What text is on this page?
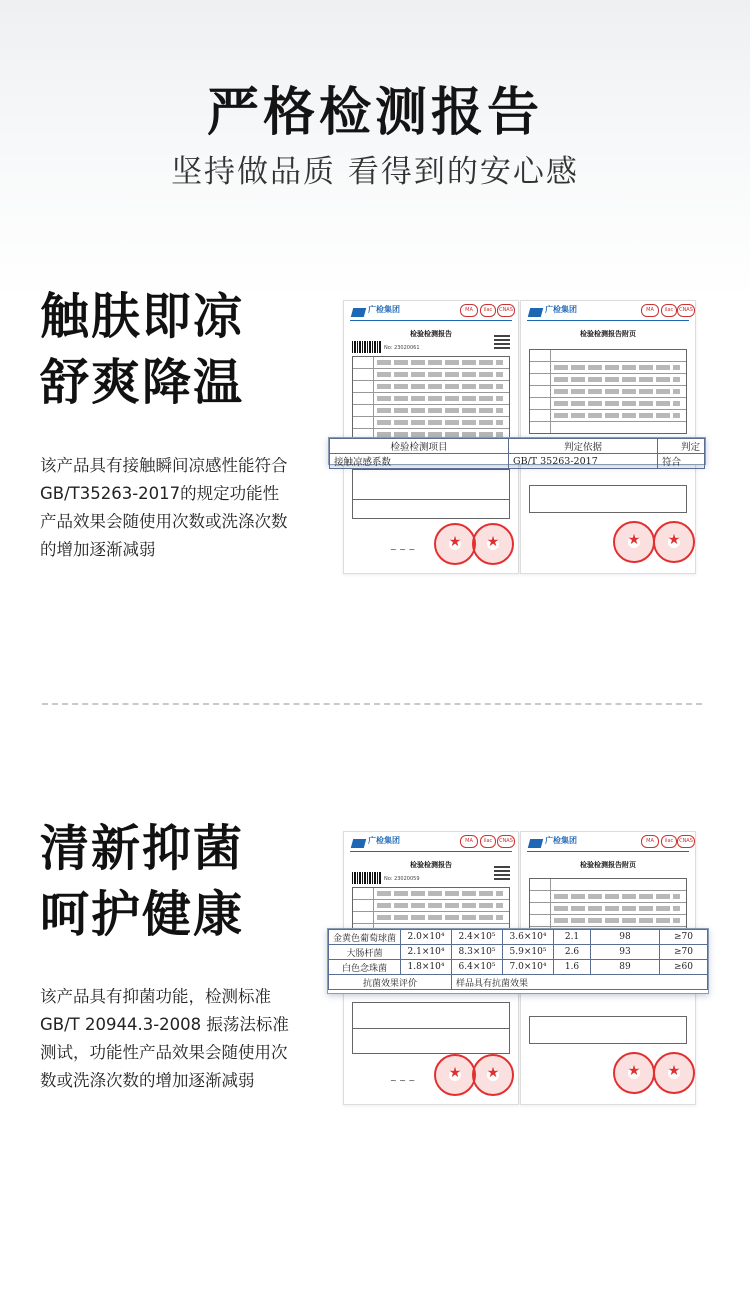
严格检测报告
坚持做品质 看得到的安心感
触肤即凉
舒爽降温
该产品具有接触瞬间凉感性能符合GB/T35263-2017的规定功能性产品效果会随使用次数或洗涤次数的增加逐渐减弱
广检集团	MA	ilac	CNAS
检验检测报告
No: 23020061
★
★
~ ~ ~
广检集团	MA	ilac	CNAS
检验检测报告附页
★
★
检验检测项目	判定依据	判定
接触凉感系数	GB/T 35263-2017	符合
清新抑菌
呵护健康
该产品具有抑菌功能，检测标准GB/T 20944.3-2008 振荡法标准测试，功能性产品效果会随使用次数或洗涤次数的增加逐渐减弱
广检集团	MA	ilac	CNAS
检验检测报告
No: 23020059
★
★
~ ~ ~
广检集团	MA	ilac	CNAS
检验检测报告附页
★
★
金黄色葡萄球菌	2.0×10⁴	2.4×10⁵	3.6×10⁴	2.1	98	≥70
大肠杆菌	2.1×10⁴	8.3×10⁵	5.9×10⁵	2.6	93	≥70
白色念珠菌	1.8×10⁴	6.4×10⁵	7.0×10⁴	1.6	89	≥60
抗菌效果评价		样品具有抗菌效果				
